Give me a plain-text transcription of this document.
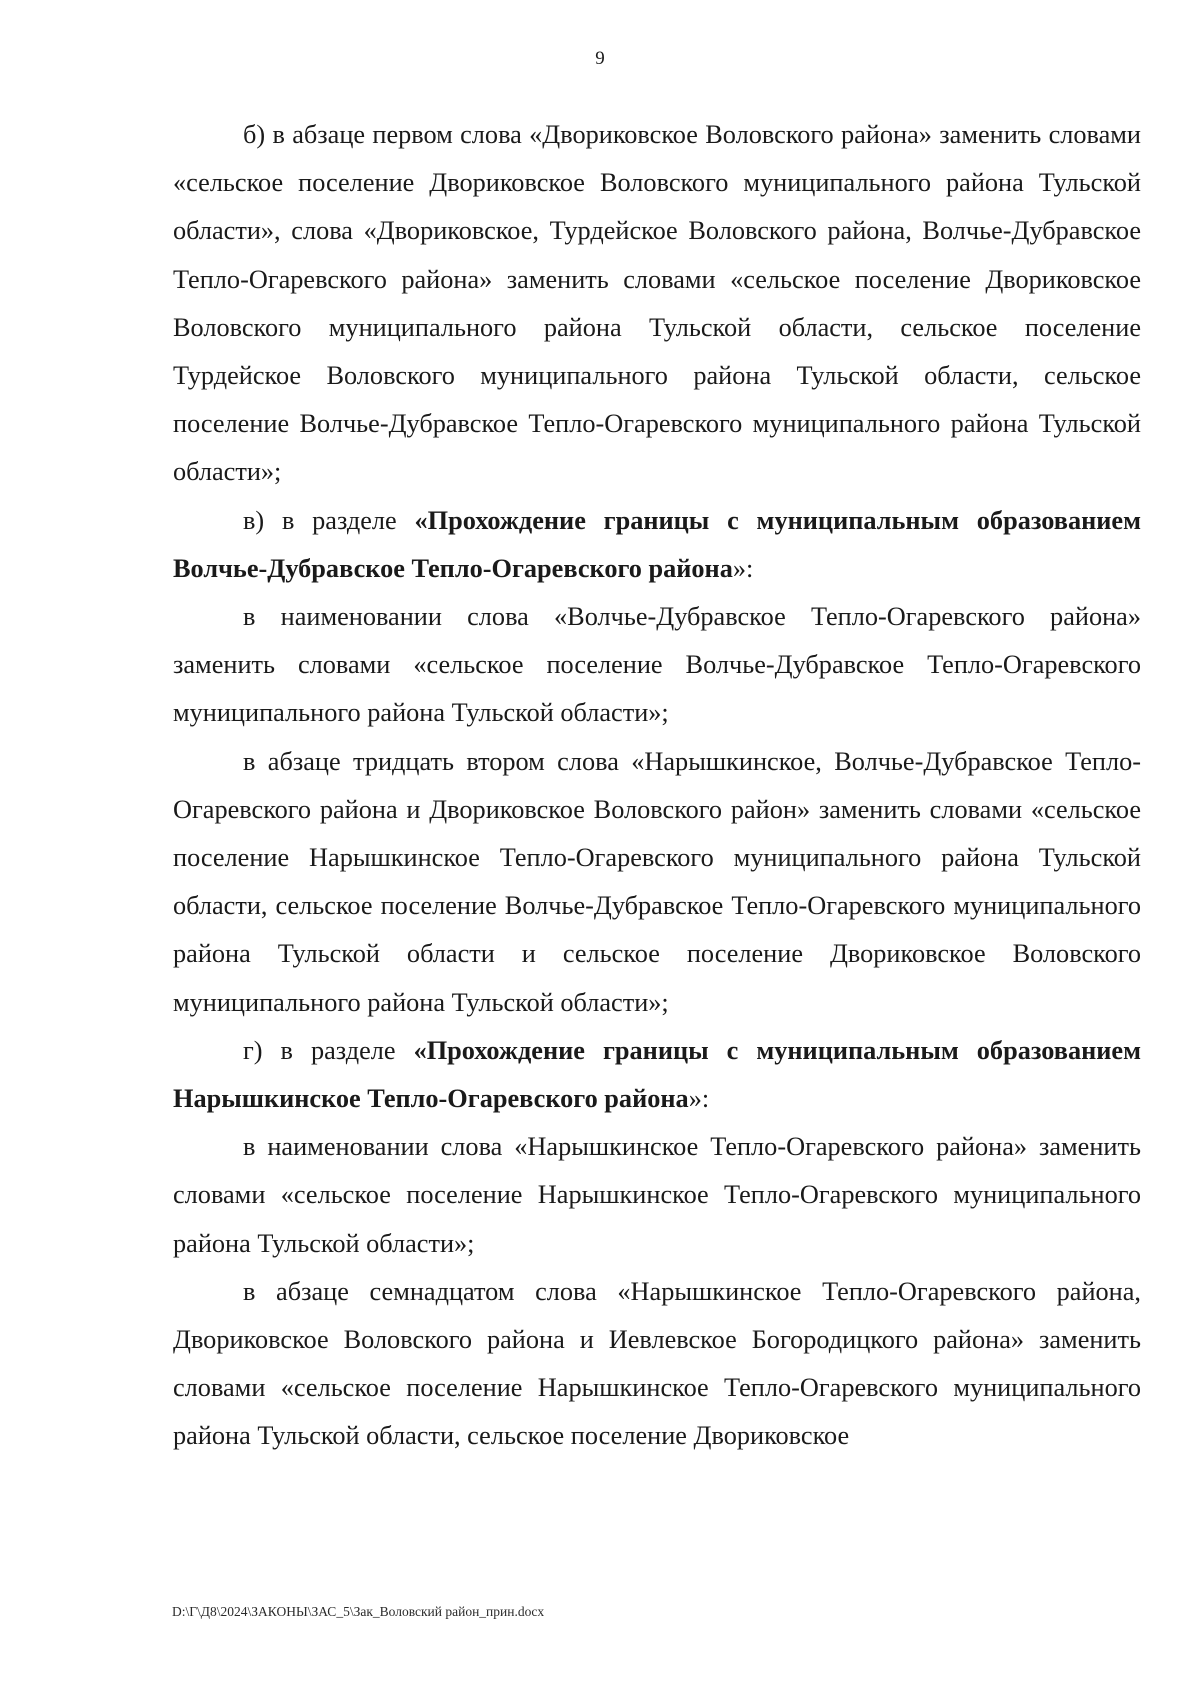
9

б) в абзаце первом слова «Двориковское Воловского района» заменить словами «сельское поселение Двориковское Воловского муниципального района Тульской области», слова «Двориковское, Турдейское Воловского района, Волчье-Дубравское Тепло-Огаревского района» заменить словами «сельское поселение Двориковское Воловского муниципального района Тульской области, сельское поселение Турдейское Воловского муниципального района Тульской области, сельское поселение Волчье-Дубравское Тепло-Огаревского муниципального района Тульской области»;

в) в разделе «Прохождение границы с муниципальным образованием Волчье-Дубравское Тепло-Огаревского района»:

в наименовании слова «Волчье-Дубравское Тепло-Огаревского района» заменить словами «сельское поселение Волчье-Дубравское Тепло-Огаревского муниципального района Тульской области»;

в абзаце тридцать втором слова «Нарышкинское, Волчье-Дубравское Тепло-Огаревского района и Двориковское Воловского район» заменить словами «сельское поселение Нарышкинское Тепло-Огаревского муниципального района Тульской области, сельское поселение Волчье-Дубравское Тепло-Огаревского муниципального района Тульской области и сельское поселение Двориковское Воловского муниципального района Тульской области»;

г) в разделе «Прохождение границы с муниципальным образованием Нарышкинское Тепло-Огаревского района»:

в наименовании слова «Нарышкинское Тепло-Огаревского района» заменить словами «сельское поселение Нарышкинское Тепло-Огаревского муниципального района Тульской области»;

в абзаце семнадцатом слова «Нарышкинское Тепло-Огаревского района, Двориковское Воловского района и Иевлевское Богородицкого района» заменить словами «сельское поселение Нарышкинское Тепло-Огаревского муниципального района Тульской области, сельское поселение Двориковское

D:\Г\Д8\2024\ЗАКОНЫ\ЗАС_5\Зак_Воловский район_прин.docx
